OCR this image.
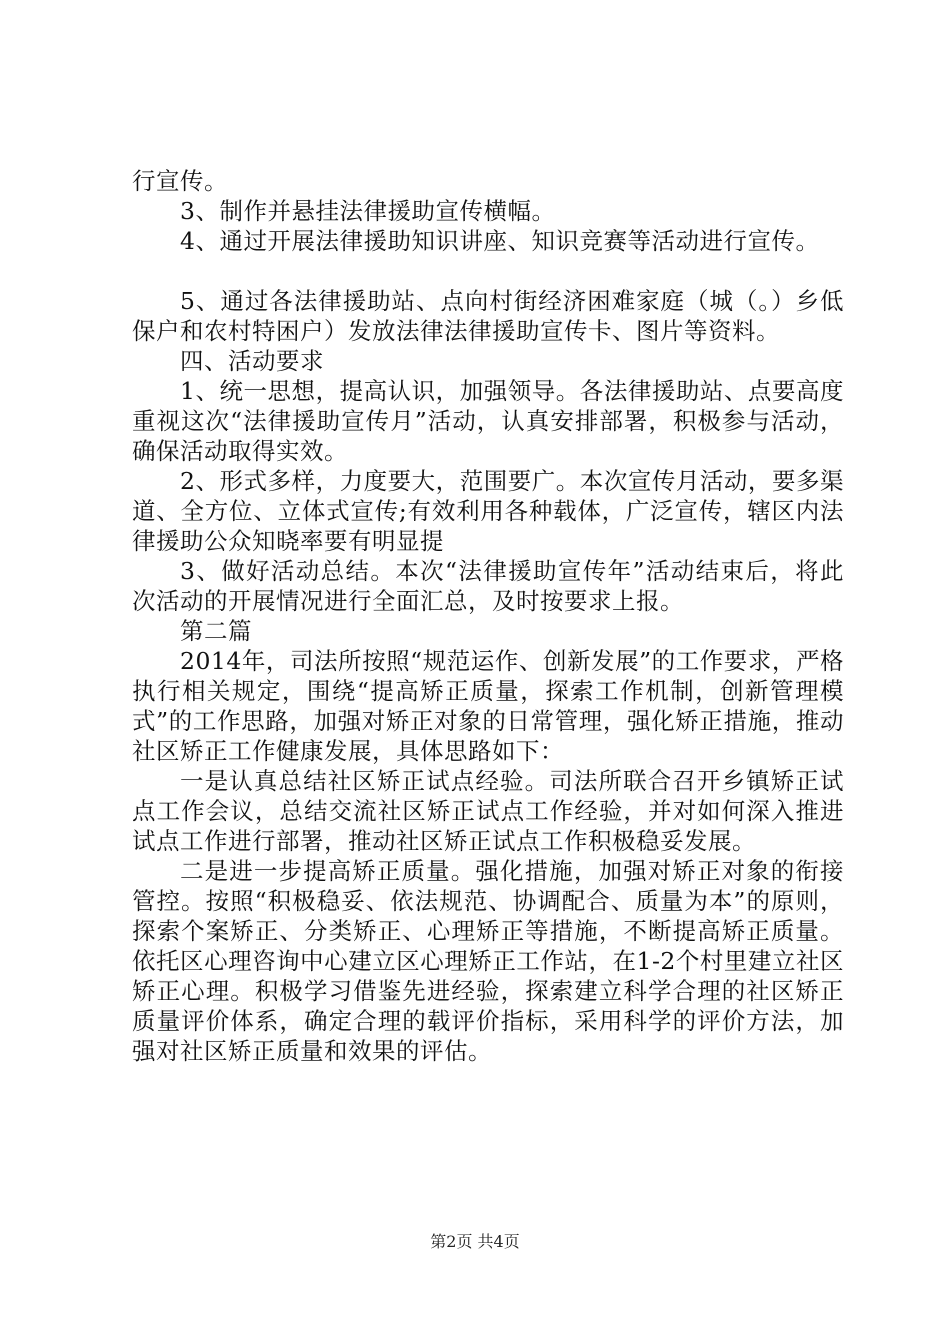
行宣传。

3、制作并悬挂法律援助宣传横幅。

4、通过开展法律援助知识讲座、知识竞赛等活动进行宣传。

5、通过各法律援助站、点向村街经济困难家庭（城（。）乡低保户和农村特困户）发放法律法律援助宣传卡、图片等资料。

四、活动要求

1、统一思想，提高认识，加强领导。各法律援助站、点要高度重视这次“法律援助宣传月”活动，认真安排部署，积极参与活动，确保活动取得实效。

2、形式多样，力度要大，范围要广。本次宣传月活动，要多渠道、全方位、立体式宣传;有效利用各种载体，广泛宣传，辖区内法律援助公众知晓率要有明显提

3、做好活动总结。本次“法律援助宣传年”活动结束后，将此次活动的开展情况进行全面汇总，及时按要求上报。

第二篇

2014年，司法所按照“规范运作、创新发展”的工作要求，严格执行相关规定，围绕“提高矫正质量，探索工作机制，创新管理模式”的工作思路，加强对矫正对象的日常管理，强化矫正措施，推动社区矫正工作健康发展，具体思路如下：

一是认真总结社区矫正试点经验。司法所联合召开乡镇矫正试点工作会议，总结交流社区矫正试点工作经验，并对如何深入推进试点工作进行部署，推动社区矫正试点工作积极稳妥发展。

二是进一步提高矫正质量。强化措施，加强对矫正对象的衔接管控。按照“积极稳妥、依法规范、协调配合、质量为本”的原则，探索个案矫正、分类矫正、心理矫正等措施，不断提高矫正质量。依托区心理咨询中心建立区心理矫正工作站，在1-2个村里建立社区矫正心理。积极学习借鉴先进经验，探索建立科学合理的社区矫正质量评价体系，确定合理的载评价指标，采用科学的评价方法，加强对社区矫正质量和效果的评估。

第2页 共4页
